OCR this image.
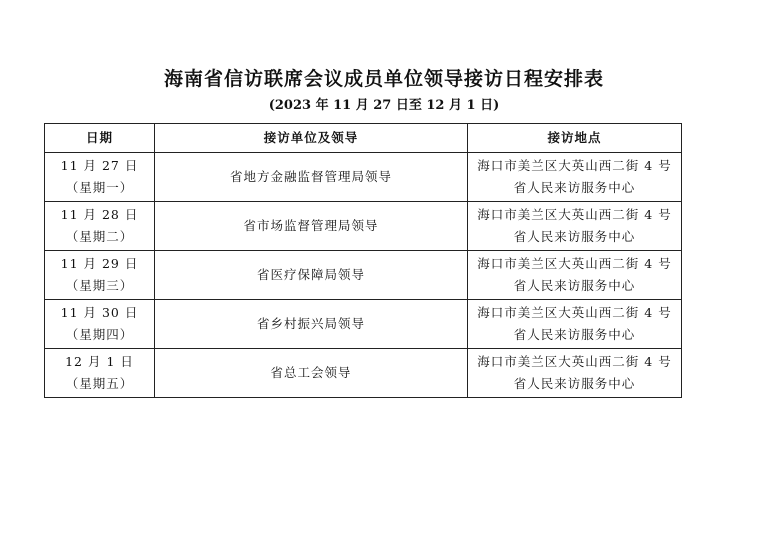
海南省信访联席会议成员单位领导接访日程安排表
(2023 年 11 月 27 日至 12 月 1 日)
日期	接访单位及领导	接访地点

11 月 27 日
（星期一）	省地方金融监督管理局领导	海口市美兰区大英山西二街 4 号
省人民来访服务中心

11 月 28 日
（星期二）	省市场监督管理局领导	海口市美兰区大英山西二街 4 号
省人民来访服务中心

11 月 29 日
（星期三）	省医疗保障局领导	海口市美兰区大英山西二街 4 号
省人民来访服务中心

11 月 30 日
（星期四）	省乡村振兴局领导	海口市美兰区大英山西二街 4 号
省人民来访服务中心

12 月 1 日
（星期五）	省总工会领导	海口市美兰区大英山西二街 4 号
省人民来访服务中心
